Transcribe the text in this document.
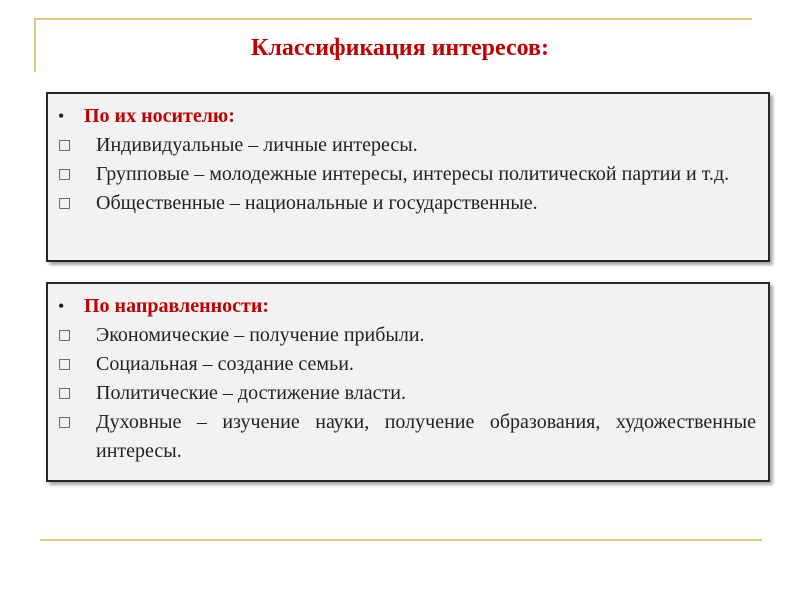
Классификация интересов:
• По их носителю:
□	Индивидуальные – личные интересы.
□	Групповые – молодежные интересы, интересы политической партии и т.д.
□	Общественные – национальные и государственные.
• По направленности:
□	Экономические – получение прибыли.
□	Социальная – создание семьи.
□	Политические – достижение власти.
□	Духовные – изучение науки, получение образования, художественные интересы.
